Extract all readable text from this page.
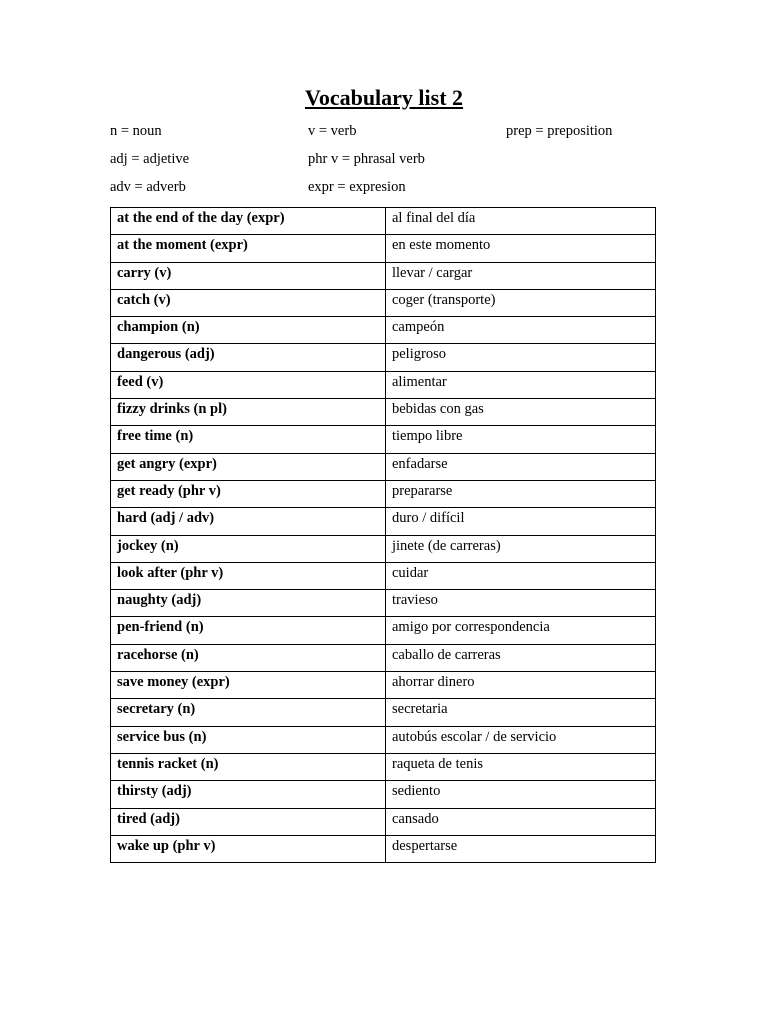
Vocabulary list 2
n = noun	v = verb	prep = preposition
adj = adjetive	phr v = phrasal verb
adv = adverb	expr = expresion
at the end of the day (expr)	al final del día
at the moment (expr)	en este momento
carry (v)	llevar / cargar
catch (v)	coger (transporte)
champion (n)	campeón
dangerous (adj)	peligroso
feed (v)	alimentar
fizzy drinks (n pl)	bebidas con gas
free time (n)	tiempo libre
get angry (expr)	enfadarse
get ready (phr v)	prepararse
hard (adj / adv)	duro / difícil
jockey (n)	jinete (de carreras)
look after (phr v)	cuidar
naughty (adj)	travieso
pen-friend (n)	amigo por correspondencia
racehorse (n)	caballo de carreras
save money (expr)	ahorrar dinero
secretary (n)	secretaria
service bus (n)	autobús escolar / de servicio
tennis racket (n)	raqueta de tenis
thirsty (adj)	sediento
tired (adj)	cansado
wake up (phr v)	despertarse
